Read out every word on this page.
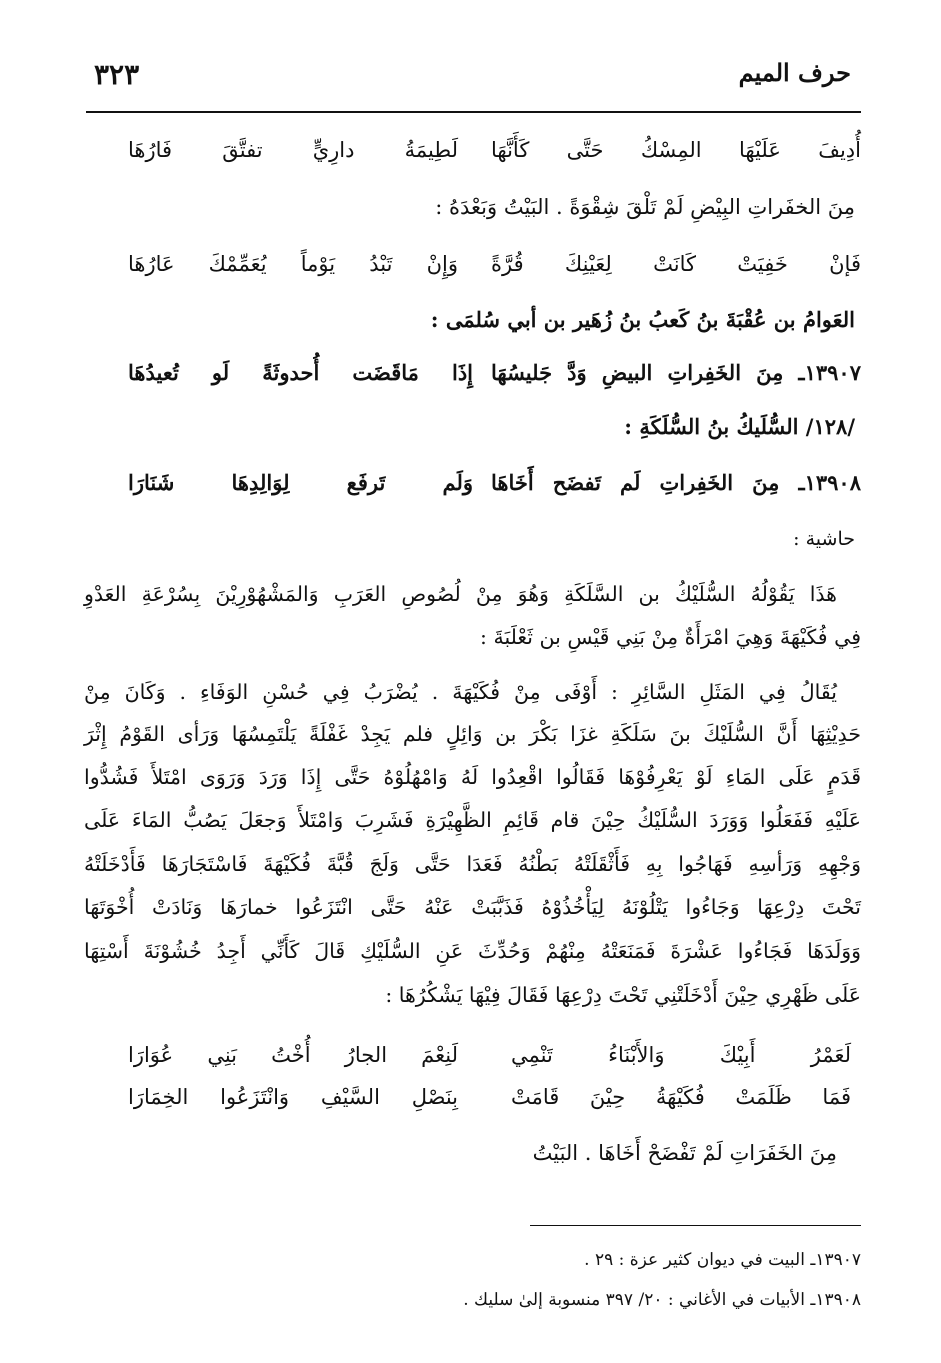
حرف الميم
٣٢٣
أُدِيفَ عَلَيْهَا المِسْكُ حَتَّى كَأَنَّهَا
لَطِيمَةُ دارِيٍّ تفتَّقَ فَارُهَا
مِنَ الخفَراتِ البِيْضِ لَمْ تَلْقَ شِقْوَةً . البَيْتُ وَبَعْدَهُ :
فَإنْ خَفِيَتْ كَانَتْ لِعَيْنِكَ قُرَّةً
وَإِنْ تَبْدُ يَوْماً يُعَمِّمْكَ عَارُهَا
العَوامُ بن عُقْبَةَ بنُ كَعبُ بنُ زُهَير بن أبي سُلمَى :
١٣٩٠٧ـ مِنَ الخَفِراتِ البيضِ وَدَّ جَليسُهَا
إِذَا مَاقَضَت أُحدوثَةً لَو تُعيدُهَا
/١٢٨/ السُّلَيكُ بنُ السُّلَكَةِ :
١٣٩٠٨ـ مِنَ الخَفِراتِ لَم تَفضَح أَخَاهَا
وَلَم تَرفَع لِوَالِدِهَا شَنَارَا
حاشية :
هَذَا يَقُوْلُهُ السُّلَيْكُ بن السَّلَكَةِ وَهُوَ مِنْ لُصُوصِ العَرَبِ وَالمَشْهُوْرِيْنَ بِسُرْعَةِ العَدْوِ
فِي فُكَيْهَةَ وَهِيَ امْرَأَةٌ مِنْ بَنِي قَيْسِ بن ثَعْلَبَةَ :
يُقَالُ فِي المَثَلِ السَّائِرِ : أَوْفَى مِنْ فُكَيْهَةَ . يُضْرَبُ فِي حُسْنِ الوَفَاءِ . وَكَانَ مِنْ
حَدِيْثِهَا أَنَّ السُّلَيْكَ بنَ سَلَكَةِ غزَا بَكْرَ بن وَائِلٍ فلم يَجِدْ غَفْلَةً يَلْتَمِسُهَا وَرَأى القَوْمُ إِثْرَ
قَدَمٍ عَلَى المَاءِ لَوْ يَعْرِفُوْهَا فَقَالُوا اقْعِدُوا لَهُ وَامْهُلُوْهُ حَتَّى إِذَا وَرَدَ وَرَوَى امْتَلأَ فَشُدُّوا
عَلَيْهِ فَفَعَلُوا وَوَرَدَ السُّلَيْكُ حِيْنَ قام قَائِمِ الظَّهِيْرَةِ فَشَرِبَ وَامْتَلأَ وَجعَلَ يَصُبُّ المَاءَ عَلَى
وَجْهِهِ وَرَأسِهِ فَهَاجُوا بِهِ فَأَثْقَلَتْهُ بَطْنُهُ فَعَدَا حَتَّى وَلَجَ قُبَّةَ فُكَيْهَةَ فَاسْتَجَارَهَا فَأَدْخَلَتْهُ
تَحْتَ دِرْعِهَا وَجَاءُوا يَتْلُوْنَهُ لِيَأْخُذُوْهُ فَذَبَّبَتْ عَنْهُ حَتَّى انْتَزَعُوا خمارَهَا وَنَادَتْ أُخْوَتَهَا
وَوَلَدَهَا فَجَاءُوا عَشْرَةَ فَمَنَعَتْهُ مِنْهُمْ وَحُدِّثَ عَنِ السُّلَيْكِ قَالَ كَأَنِّي أَجِدُ خُشُوْنَةَ أَسْتِهَا
عَلَى ظَهْرِي حِيْنَ أَدْخَلَتْنِي تَحْتَ دِرْعِهَا فَقَالَ فِيْهَا يَشْكُرُهَا :
لَعَمْرُ أَبِيْكَ وَالأَبْنَاءُ تَنْمِي
لَنِعْمَ الجارُ أُخْتُ بَنِي عُوَارَا
فَمَا ظَلَمَتْ فُكَيْهَةُ حِيْنَ قَامَتْ
بِنَصْلِ السَّيْفِ وَانْتَزَعُوا الخِمَارَا
مِنَ الخَفَرَاتِ لَمْ تَفْضَحْ أَخَاهَا . البَيْتُ
١٣٩٠٧ـ البيت في ديوان كثير عزة : ٢٩ .
١٣٩٠٨ـ الأبيات في الأغاني : ٢٠/ ٣٩٧ منسوبة إلىٰ سليك .
